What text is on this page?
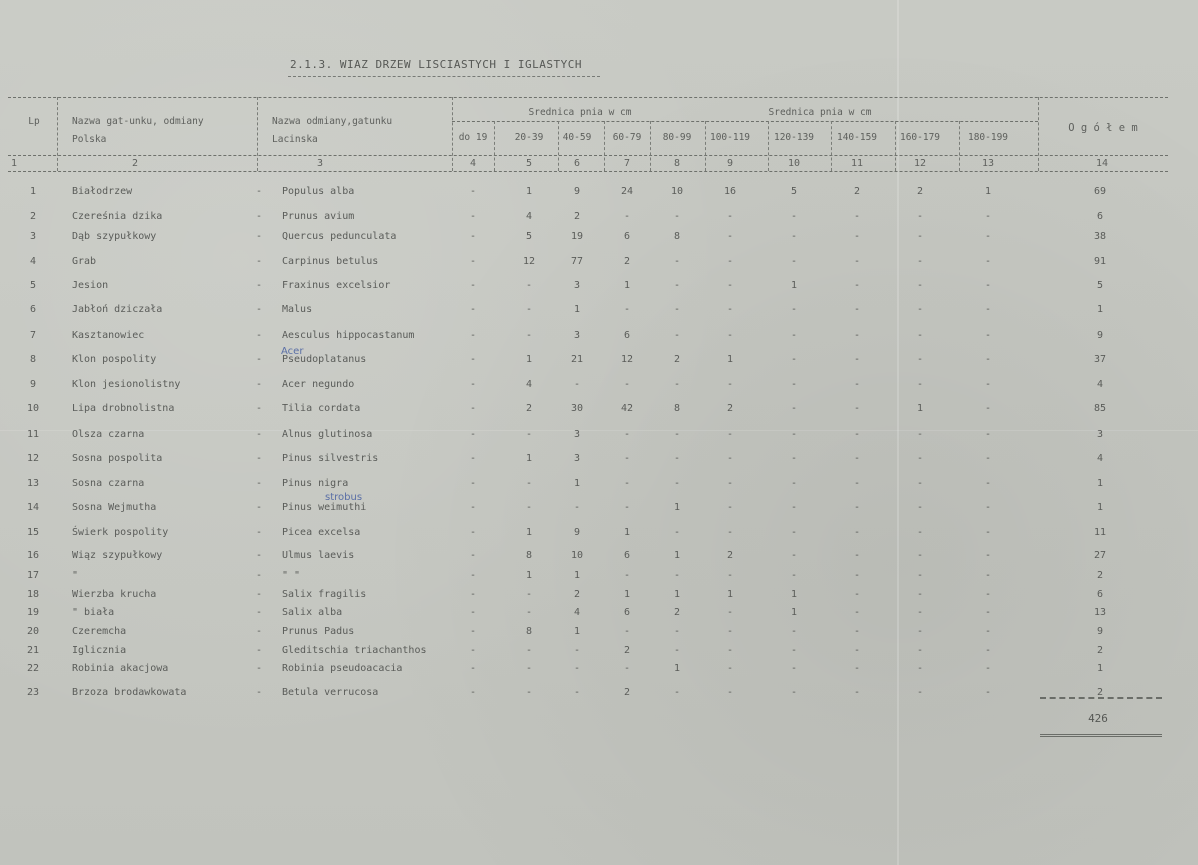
2.1.3. WIAZ DRZEW LISCIASTYCH I IGLASTYCH
Lp	Nazwa gat-unku, odmiany
Polska
Nazwa odmiany,gatunku
Lacinska
Srednica pnia w cm	Srednica pnia w cm
O g ó ł e m
Acer
strobus
426
do 19	20-39	40-59	60-79	80-99	100-119	120-139	140-159	160-179	180-199
1	2	3	4	5	6	7	8	9	10	11	12	13	14
1	Białodrzew	-	Populus alba	-	1	9	24	10	16	5	2	2	1	69
2	Czereśnia dzika	-	Prunus avium	-	4	2	-	-	-	-	-	-	-	6
3	Dąb szypułkowy	-	Quercus pedunculata	-	5	19	6	8	-	-	-	-	-	38
4	Grab	-	Carpinus betulus	-	12	77	2	-	-	-	-	-	-	91
5	Jesion	-	Fraxinus excelsior	-	-	3	1	-	-	1	-	-	-	5
6	Jabłoń dziczała	-	Malus	-	-	1	-	-	-	-	-	-	-	1
7	Kasztanowiec	-	Aesculus hippocastanum	-	-	3	6	-	-	-	-	-	-	9
8	Klon pospolity	-	Pseudoplatanus	-	1	21	12	2	1	-	-	-	-	37
9	Klon jesionolistny	-	Acer negundo	-	4	-	-	-	-	-	-	-	-	4
10	Lipa drobnolistna	-	Tilia cordata	-	2	30	42	8	2	-	-	1	-	85
11	Olsza czarna	-	Alnus glutinosa	-	-	3	-	-	-	-	-	-	-	3
12	Sosna pospolita	-	Pinus silvestris	-	1	3	-	-	-	-	-	-	-	4
13	Sosna czarna	-	Pinus nigra	-	-	1	-	-	-	-	-	-	-	1
14	Sosna Wejmutha	-	Pinus weimuthi	-	-	-	-	1	-	-	-	-	-	1
15	Świerk pospolity	-	Picea excelsa	-	1	9	1	-	-	-	-	-	-	11
16	Wiąz szypułkowy	-	Ulmus laevis	-	8	10	6	1	2	-	-	-	-	27
17	"	-	" "	-	1	1	-	-	-	-	-	-	-	2
18	Wierzba krucha	-	Salix fragilis	-	-	2	1	1	1	1	-	-	-	6
19	" biała	-	Salix alba	-	-	4	6	2	-	1	-	-	-	13
20	Czeremcha	-	Prunus Padus	-	8	1	-	-	-	-	-	-	-	9
21	Iglicznia	-	Gleditschia triachanthos	-	-	-	2	-	-	-	-	-	-	2
22	Robinia akacjowa	-	Robinia pseudoacacia	-	-	-	-	1	-	-	-	-	-	1
23	Brzoza brodawkowata	-	Betula verrucosa	-	-	-	2	-	-	-	-	-	-	2
